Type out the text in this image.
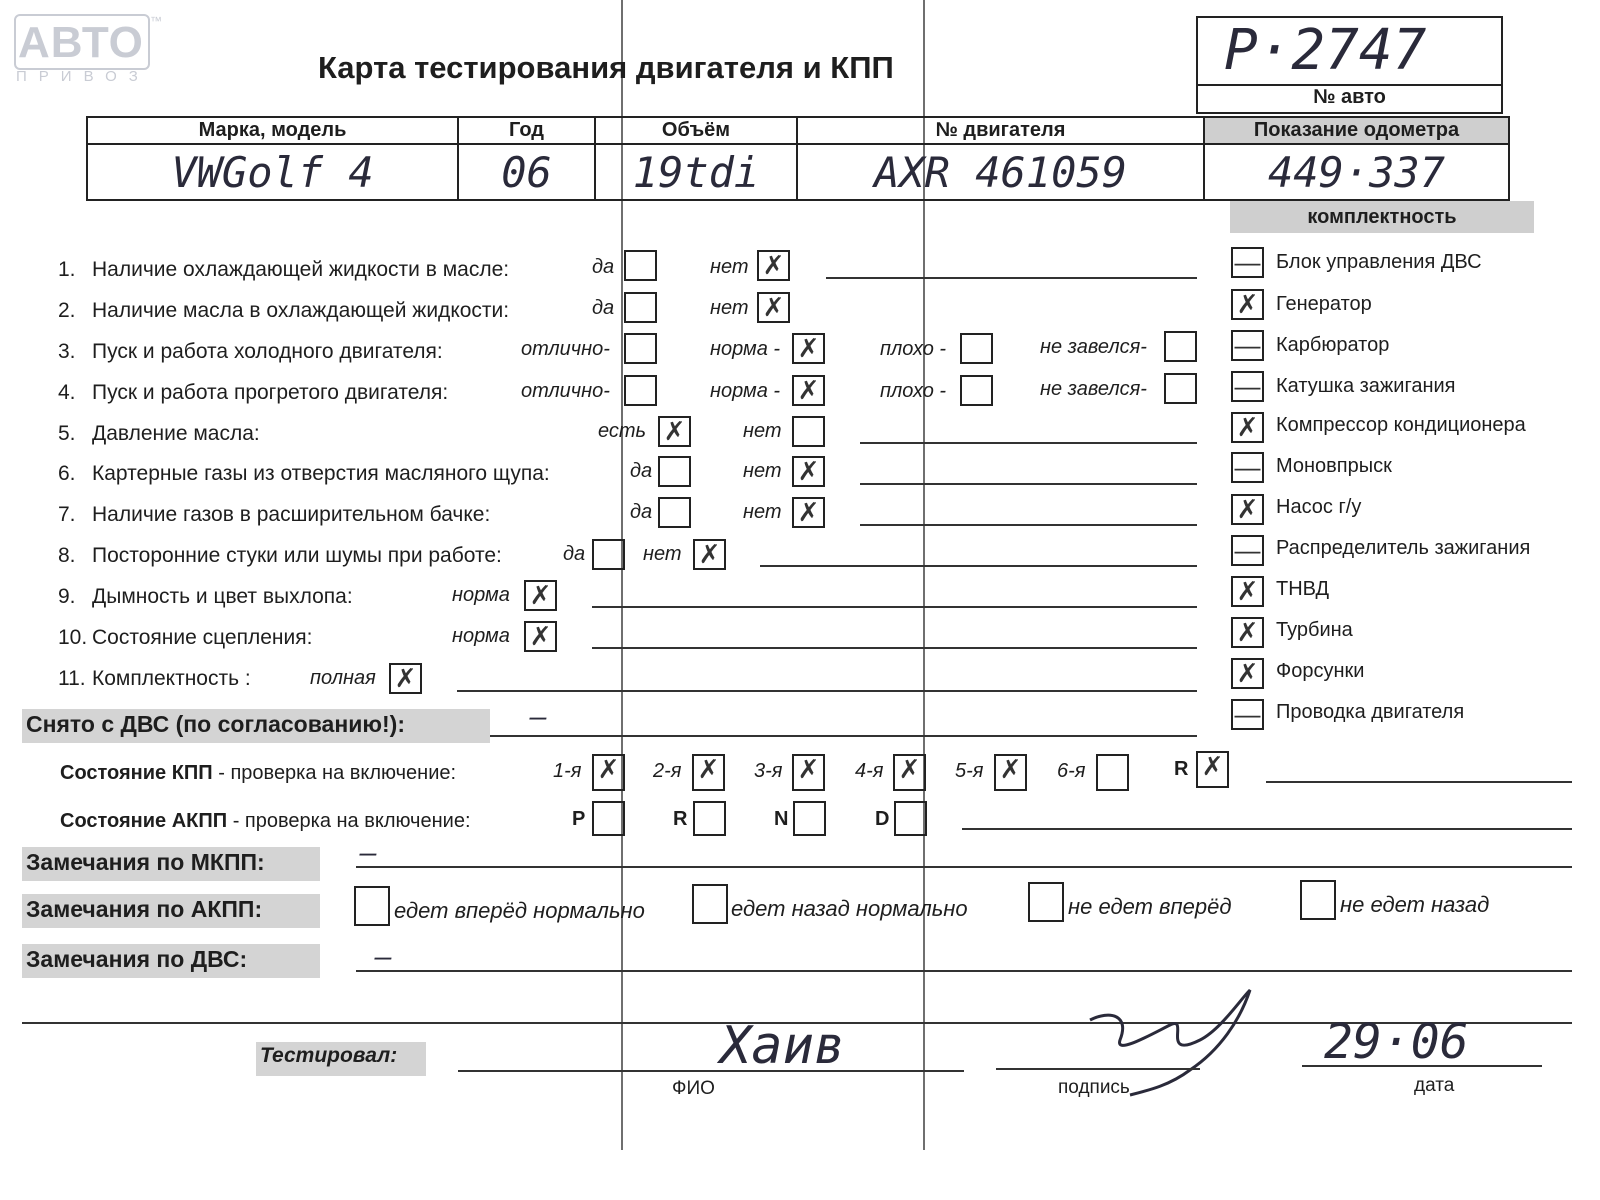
АВТО ™
ПРИВОЗ	Карта тестирования двигателя и КПП	P·2747
№ авто
Марка, модель	Год	Объём	№ двигателя	Показание одометра
VWGolf 4	06	19tdi	AXR 461059	449·337
1. Наличие охлаждающей жидкости в масле:	да	нет ✗
2. Наличие масла в охлаждающей жидкости:	да	нет ✗
3. Пуск и работа холодного двигателя:	отлично-	норма - ✗	плохо -	не завелся-
4. Пуск и работа прогретого двигателя:	отлично-	норма - ✗	плохо -	не завелся-
5. Давление масла:	есть ✗	нет
6. Картерные газы из отверстия масляного щупа:	да	нет ✗
7. Наличие газов в расширительном бачке:	да	нет ✗
8. Посторонние стуки или шумы при работе:	да	нет ✗
9. Дымность и цвет выхлопа:	норма ✗
10. Состояние сцепления:	норма ✗
11. Комплектность :	полная ✗
комплектность
— Блок управления ДВС
✗ Генератор
— Карбюратор
— Катушка зажигания
✗ Компрессор кондиционера
— Моновпрыск
✗ Насос г/у
— Распределитель зажигания
✗ ТНВД
✗ Турбина
✗ Форсунки
— Проводка двигателя
Снято с ДВС (по согласованию!):	—
Состояние КПП - проверка на включение:	1-я ✗ 2-я ✗ 3-я ✗ 4-я ✗ 5-я ✗ 6-я	R ✗
Состояние АКПП - проверка на включение:	P	R	N	D
Замечания по МКПП:	—
Замечания по АКПП:	едет вперёд нормально	едет назад нормально	не едет вперёд	не едет назад
Замечания по ДВС:	—
Тестировал:	Хаив
ФИО	подпись
29·06
дата
